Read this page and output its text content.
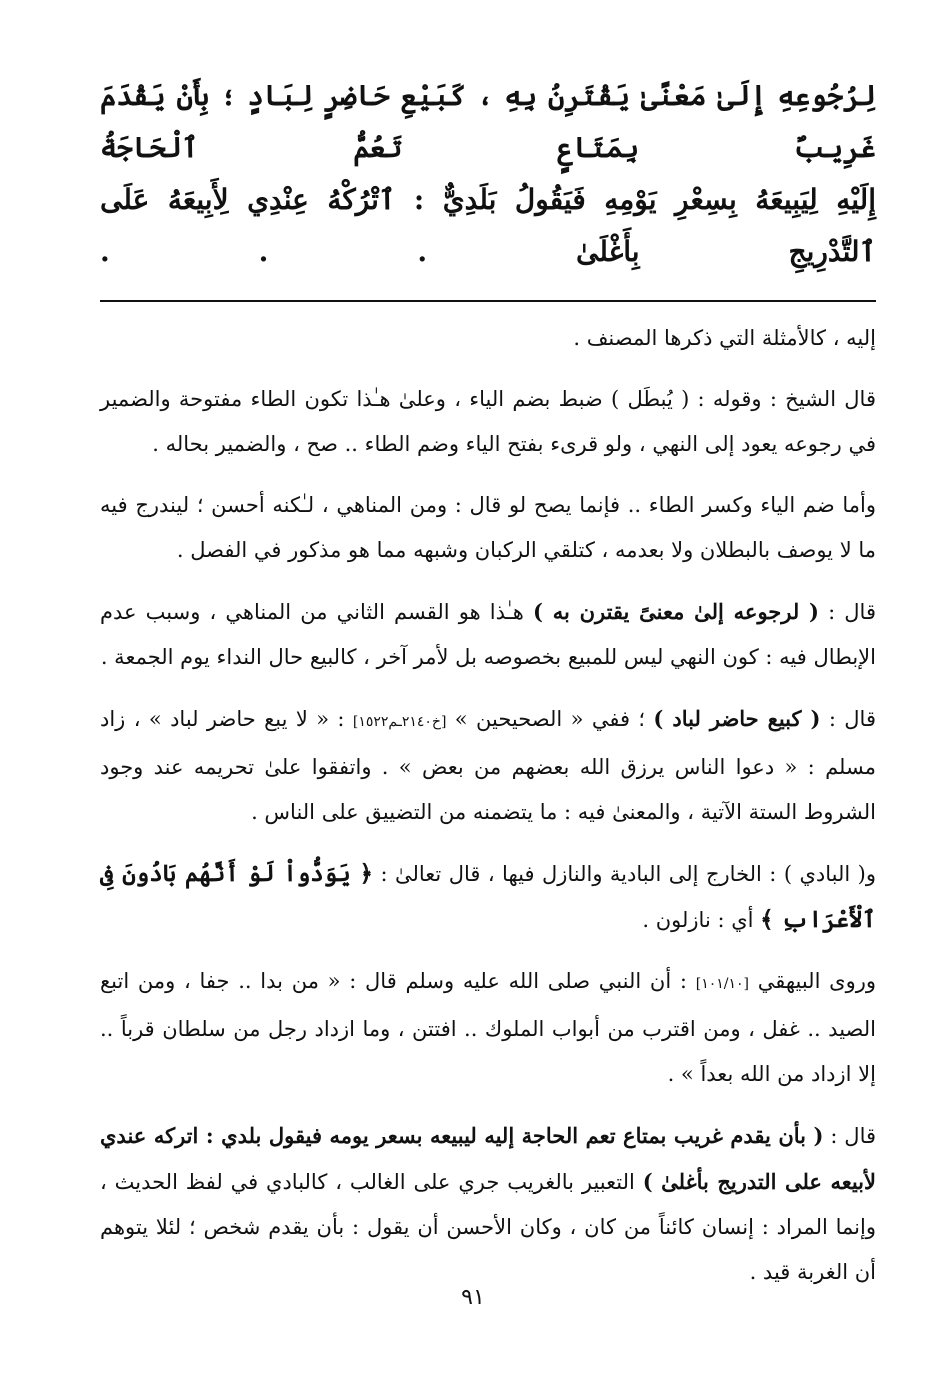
لِرُجُوعِهِ إِلَىٰ مَعْنًىٰ يَقْتَرِنُ بِهِ ، كَبَيْعِ حَاضِرٍ لِبَادٍ ؛ بِأَنْ يَقْدَمَ غَرِيبٌ بِمَتَاعٍ تَعُمُّ ٱلْحَاجَةُ

إِلَيْهِ لِيَبِيعَهُ بِسِعْرِ يَوْمِهِ فَيَقُولُ بَلَدِيٌّ : ٱتْرُكْهُ عِنْدِي لِأَبِيعَهُ عَلَى ٱلتَّدْرِيجِ بِأَغْلَىٰ . . .

إليه ، كالأمثلة التي ذكرها المصنف .

قال الشيخ : وقوله : ( يُبطَل ) ضبط بضم الياء ، وعلىٰ هـٰذا تكون الطاء مفتوحة والضمير في رجوعه يعود إلى النهي ، ولو قرىء بفتح الياء وضم الطاء .. صح ، والضمير بحاله .

وأما ضم الياء وكسر الطاء .. فإنما يصح لو قال : ومن المناهي ، لـٰكنه أحسن ؛ ليندرج فيه ما لا يوصف بالبطلان ولا بعدمه ، كتلقي الركبان وشبهه مما هو مذكور في الفصل .

قال : ( لرجوعه إلىٰ معنىً يقترن به ) هـٰذا هو القسم الثاني من المناهي ، وسبب عدم الإبطال فيه : كون النهي ليس للمبيع بخصوصه بل لأمر آخر ، كالبيع حال النداء يوم الجمعة .

قال : ( كبيع حاضر لباد ) ؛ ففي « الصحيحين » [خ٢١٤٠ـم١٥٢٢] : « لا يبع حاضر لباد » ، زاد مسلم : « دعوا الناس يرزق الله بعضهم من بعض » . واتفقوا علىٰ تحريمه عند وجود الشروط الستة الآتية ، والمعنىٰ فيه : ما يتضمنه من التضييق على الناس .

و( البادي ) : الخارج إلى البادية والنازل فيها ، قال تعالىٰ : ﴿ يَوَدُّواْ لَوْ أَنَّهُم بَادُونَ فِى ٱلْأَعْرَابِ ﴾ أي : نازلون .

وروى البيهقي [١٠١/١٠] : أن النبي صلى الله عليه وسلم قال : « من بدا .. جفا ، ومن اتبع الصيد .. غفل ، ومن اقترب من أبواب الملوك .. افتتن ، وما ازداد رجل من سلطان قرباً .. إلا ازداد من الله بعداً » .

قال : ( بأن يقدم غريب بمتاع تعم الحاجة إليه ليبيعه بسعر يومه فيقول بلدي : اتركه عندي لأبيعه على التدريج بأغلىٰ ) التعبير بالغريب جري على الغالب ، كالبادي في لفظ الحديث ، وإنما المراد : إنسان كائناً من كان ، وكان الأحسن أن يقول : بأن يقدم شخص ؛ لئلا يتوهم أن الغربة قيد .

٩١
